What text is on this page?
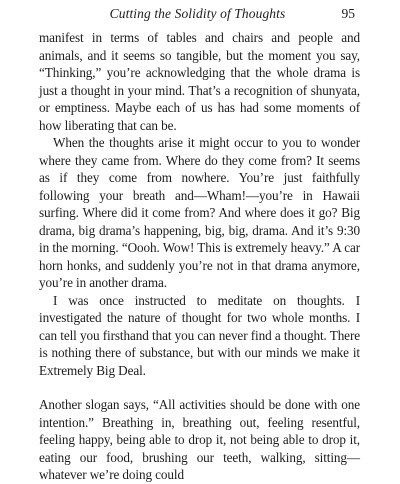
Cutting the Solidity of Thoughts	95

manifest in terms of tables and chairs and people and animals, and it seems so tangible, but the moment you say, “Thinking,” you’re acknowledging that the whole drama is just a thought in your mind. That’s a recognition of shunyata, or emptiness. Maybe each of us has had some moments of how liberating that can be.

When the thoughts arise it might occur to you to wonder where they came from. Where do they come from? It seems as if they come from nowhere. You’re just faithfully following your breath and—Wham!—you’re in Hawaii surfing. Where did it come from? And where does it go? Big drama, big drama’s happening, big, big, drama. And it’s 9:30 in the morning. “Oooh. Wow! This is extremely heavy.” A car horn honks, and suddenly you’re not in that drama anymore, you’re in another drama.

I was once instructed to meditate on thoughts. I investigated the nature of thought for two whole months. I can tell you firsthand that you can never find a thought. There is nothing there of substance, but with our minds we make it Extremely Big Deal.

Another slogan says, “All activities should be done with one intention.” Breathing in, breathing out, feeling resentful, feeling happy, being able to drop it, not being able to drop it, eating our food, brushing our teeth, walking, sitting—whatever we’re doing could
